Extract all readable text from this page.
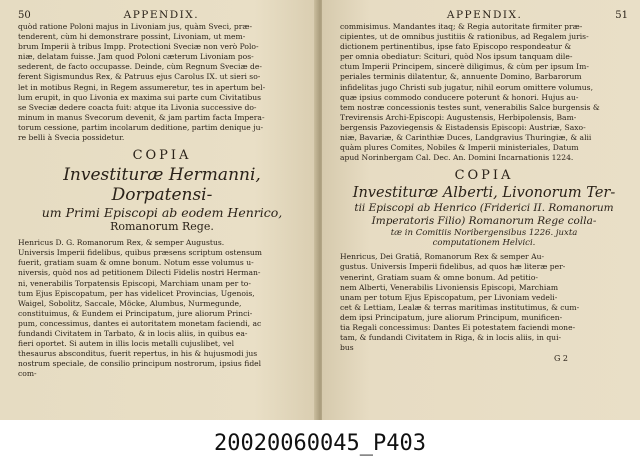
50	APPENDIX.

quòd ratione Poloni majus in Livoniam jus, quàm Sveci, præ-
tenderent, cùm hi demonstrare possint, Livoniam, ut mem-
brum Imperii à tribus Impp. Protectioni Sveciæ non verò Polo-
niæ, delatam fuisse. Jam quod Poloni cæterum Livoniam pos-
sederent, de facto occupasse. Deinde, cùm Regnum Sveciæ de-
ferent Sigismundus Rex, & Patruus ejus Carolus IX. ut sieri so-
let in motibus Regni, in Regem assumeretur, tes in apertum bel-
lum erupit, in quo Livonia ex maxima sui parte cum Civitatibus
se Sveciæ dedere coacta fuit: atque ita Livonia successive do-
minum in manus Svecorum devenit, & jam partim facta Impera-
torum cessione, partim incolarum deditione, partim denique ju-
re belli à Svecia possidetur.

COPIA

Investituræ Hermanni, Dorpatensi-

um Primi Episcopi ab eodem Henrico,

Romanorum Rege.

Henricus D. G. Romanorum Rex, & semper Augustus.
Universis Imperii fidelibus, quibus præsens scriptum ostensum
fuerit, gratiam suam & omne bonum. Notum esse volumus u-
niversis, quòd nos ad petitionem Dilecti Fidelis nostri Herman-
ni, venerabilis Torpatensis Episcopi, Marchiam unam per to-
tum Ejus Episcopatum, per has videlicet Provincias, Ugenois,
Waigel, Sobolitz, Saccale, Möcke, Alumbus, Nurmegunde,
constituimus, & Eundem ei Principatum, jure aliorum Princi-
pum, concessimus, dantes ei autoritatem monetam faciendi, ac
fundandi Civitatem in Tarbato, & in locis aliis, in quibus ea-
fieri oportet. Si autem in illis locis metalli cujuslibet, vel
thesaurus absconditus, fuerit repertus, in his & hujusmodi jus
nostrum speciale, de consilio principum nostrorum, ipsius fidel
com-

APPENDIX.	51

commisimus. Mandantes itaq; & Regia autoritate firmiter præ-
cipientes, ut de omnibus justitiis & rationibus, ad Regalem juris-
dictionem pertinentibus, ipse fato Episcopo respondeatur &
per omnia obediatur: Scituri, quòd Nos ipsum tanquam dile-
ctum Imperii Principem, sincerè diligimus, & cùm per ipsum Im-
periales terminis dilatentur, &, annuente Domino, Barbarorum
infidelitas jugo Christi sub jugatur, nihil eorum omittere volumus,
quæ ipsius commodo conducere poterunt & honori. Hujus au-
tem nostræ concessionis testes sunt, venerabilis Salce burgensis &
Trevirensis Archi-Episcopi: Augustensis, Herbipolensis, Bam-
bergensis Pazoviegensis & Eistadensis Episcopi: Austriæ, Saxo-
niæ, Bavariæ, & Carinthiæ Duces, Landgravius Thuringiæ, & alii
quàm plures Comites, Nobiles & Imperii ministeriales, Datum
apud Norinbergam Cal. Dec. An. Domini Incarnationis 1224.

COPIA

Investituræ Alberti, Livonorum Ter-

tii Episcopi ab Henrico (Friderici II. Romanorum

Imperatoris Filio) Romanorum Rege colla-

tæ in Comitiis Noribergensibus 1226. juxta

computationem Helvici.

Henricus, Dei Gratiâ, Romanorum Rex & semper Au-
gustus. Universis Imperii fidelibus, ad quos hæ literæ per-
venerint, Gratiam suam & omne bonum. Ad petitio-
nem Alberti, Venerabilis Livoniensis Episcopi, Marchiam
unam per totum Ejus Episcopatum, per Livoniam vedeli-
cet & Lettiam, Lealæ & terras maritimas institutimus, & cum-
dem ipsi Principatum, jure aliorum Principum, munificen-
tia Regali concessimus: Dantes Ei potestatem faciendi mone-
tam, & fundandi Civitatem in Riga, & in locis aliis, in qui-
bus

G 2
20020060045_P403
